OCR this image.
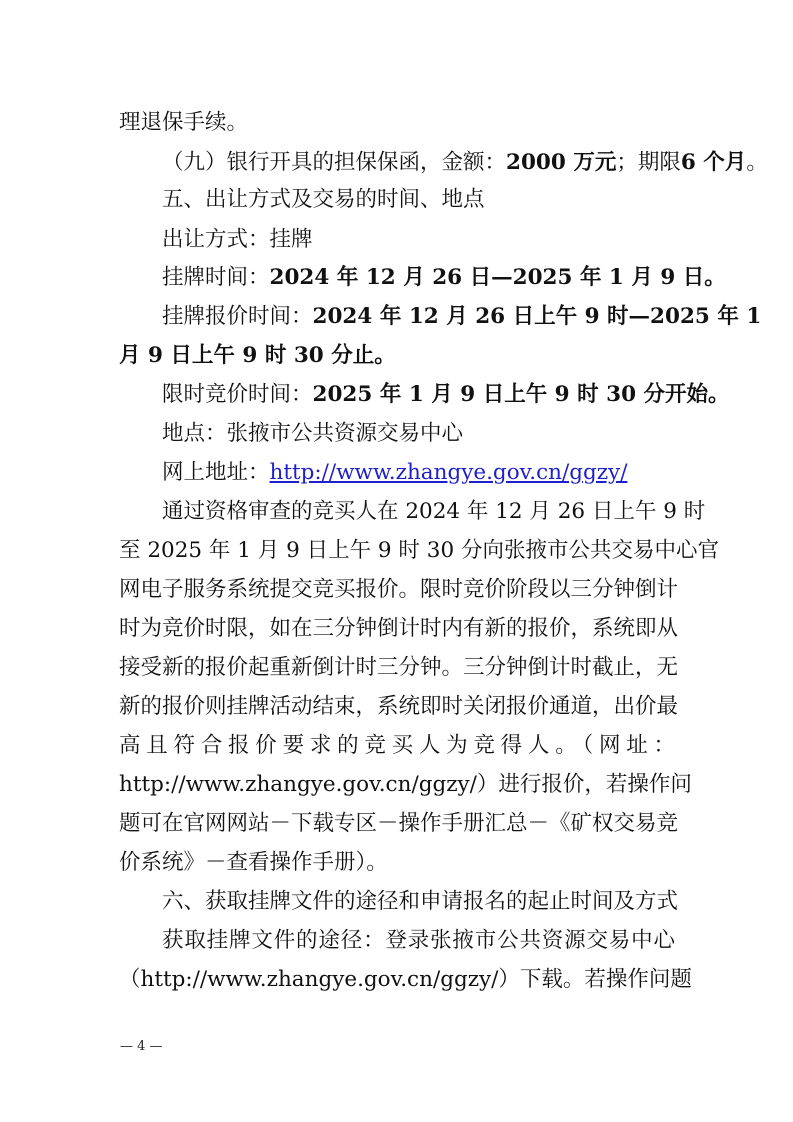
理退保手续。
（九）银行开具的担保保函，金额：2000 万元；期限6 个月。
五、出让方式及交易的时间、地点
出让方式：挂牌
挂牌时间：2024 年 12 月 26 日—2025 年 1 月 9 日。
挂牌报价时间：2024 年 12 月 26 日上午 9 时—2025 年 1
月 9 日上午 9 时 30 分止。
限时竞价时间：2025 年 1 月 9 日上午 9 时 30 分开始。
地点：张掖市公共资源交易中心
网上地址：http://www.zhangye.gov.cn/ggzy/
通过资格审查的竞买人在 2024 年 12 月 26 日上午 9 时
至 2025 年 1 月 9 日上午 9 时 30 分向张掖市公共交易中心官
网电子服务系统提交竞买报价。限时竞价阶段以三分钟倒计
时为竞价时限，如在三分钟倒计时内有新的报价，系统即从
接受新的报价起重新倒计时三分钟。三分钟倒计时截止，无
新的报价则挂牌活动结束，系统即时关闭报价通道，出价最
高且符合报价要求的竞买人为竞得人。（网址：
http://www.zhangye.gov.cn/ggzy/）进行报价，若操作问
题可在官网网站－下载专区－操作手册汇总－《矿权交易竞
价系统》－查看操作手册）。
六、获取挂牌文件的途径和申请报名的起止时间及方式
获取挂牌文件的途径：登录张掖市公共资源交易中心
（http://www.zhangye.gov.cn/ggzy/）下载。若操作问题
— 4 —
